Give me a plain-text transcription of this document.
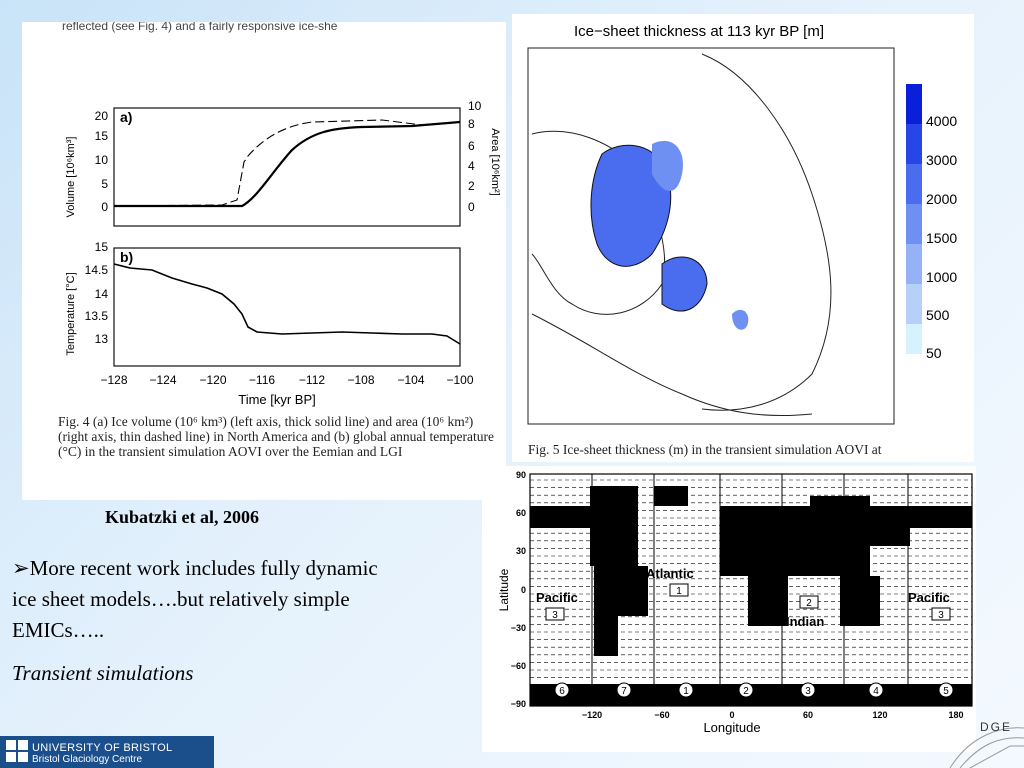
reflected (see Fig. 4) and a fairly responsive ice-she
a)
20
15
10
5
0
10
8
6
4
2
0
Volume [10⁶km³]	Area [10⁶km²]
b)
15
14.5
14
13.5
13
Temperature [°C]
−128 −124 −120 −116 −112 −108 −104 −100
Time [kyr BP]
Fig. 4 (a) Ice volume (10⁶ km³) (left axis, thick solid line) and area (10⁶ km²) (right axis, thin dashed line) in North America and (b) global annual temperature (°C) in the transient simulation AOVI over the Eemian and LGI
Ice−sheet thickness at 113 kyr BP [m]
4000
3000
2000
1500
1000
500
50
Fig. 5 Ice-sheet thickness (m) in the transient simulation AOVI at
90
60
30
0
−30
−60
−90
Latitude
−120	−60	0	60	120	180
Longitude
Pacific
Atlantic
Indian
Pacific
3
1
2
3
6	7	1	2	3	4	5
Kubatzki et al, 2006

➢More recent work includes fully dynamic ice sheet models….but relatively simple EMICs…..

Transient simulations

UNIVERSITY OF BRISTOL
Bristol Glaciology Centre
DGE
